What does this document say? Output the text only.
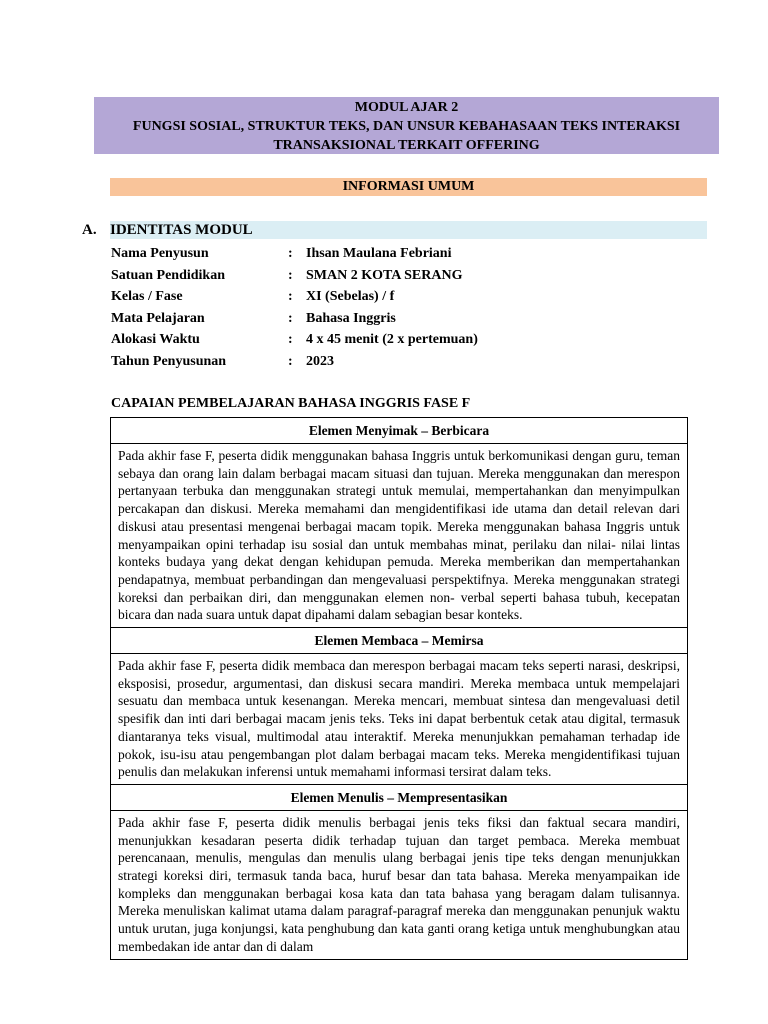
MODUL AJAR 2
FUNGSI SOSIAL, STRUKTUR TEKS, DAN UNSUR KEBAHASAAN TEKS INTERAKSI
TRANSAKSIONAL TERKAIT OFFERING
INFORMASI UMUM
A. IDENTITAS MODUL
Nama Penyusun	: Ihsan Maulana Febriani
Satuan Pendidikan	: SMAN 2 KOTA SERANG
Kelas / Fase	: XI (Sebelas) / f
Mata Pelajaran	: Bahasa Inggris
Alokasi Waktu	: 4 x 45 menit (2 x pertemuan)
Tahun Penyusunan	: 2023
CAPAIAN PEMBELAJARAN BAHASA INGGRIS FASE F
Elemen Menyimak – Berbicara
Pada akhir fase F, peserta didik menggunakan bahasa Inggris untuk berkomunikasi dengan guru, teman sebaya dan orang lain dalam berbagai macam situasi dan tujuan. Mereka menggunakan dan merespon pertanyaan terbuka dan menggunakan strategi untuk memulai, mempertahankan dan menyimpulkan percakapan dan diskusi. Mereka memahami dan mengidentifikasi ide utama dan detail relevan dari diskusi atau presentasi mengenai berbagai macam topik. Mereka menggunakan bahasa Inggris untuk menyampaikan opini terhadap isu sosial dan untuk membahas minat, perilaku dan nilai- nilai lintas konteks budaya yang dekat dengan kehidupan pemuda. Mereka memberikan dan mempertahankan pendapatnya, membuat perbandingan dan mengevaluasi perspektifnya. Mereka menggunakan strategi koreksi dan perbaikan diri, dan menggunakan elemen non- verbal seperti bahasa tubuh, kecepatan bicara dan nada suara untuk dapat dipahami dalam sebagian besar konteks.
Elemen Membaca – Memirsa
Pada akhir fase F, peserta didik membaca dan merespon berbagai macam teks seperti narasi, deskripsi, eksposisi, prosedur, argumentasi, dan diskusi secara mandiri. Mereka membaca untuk mempelajari sesuatu dan membaca untuk kesenangan. Mereka mencari, membuat sintesa dan mengevaluasi detil spesifik dan inti dari berbagai macam jenis teks. Teks ini dapat berbentuk cetak atau digital, termasuk diantaranya teks visual, multimodal atau interaktif. Mereka menunjukkan pemahaman terhadap ide pokok, isu-isu atau pengembangan plot dalam berbagai macam teks. Mereka mengidentifikasi tujuan penulis dan melakukan inferensi untuk memahami informasi tersirat dalam teks.
Elemen Menulis – Mempresentasikan
Pada akhir fase F, peserta didik menulis berbagai jenis teks fiksi dan faktual secara mandiri, menunjukkan kesadaran peserta didik terhadap tujuan dan target pembaca. Mereka membuat perencanaan, menulis, mengulas dan menulis ulang berbagai jenis tipe teks dengan menunjukkan strategi koreksi diri, termasuk tanda baca, huruf besar dan tata bahasa. Mereka menyampaikan ide kompleks dan menggunakan berbagai kosa kata dan tata bahasa yang beragam dalam tulisannya. Mereka menuliskan kalimat utama dalam paragraf-paragraf mereka dan menggunakan penunjuk waktu untuk urutan, juga konjungsi, kata penghubung dan kata ganti orang ketiga untuk menghubungkan atau membedakan ide antar dan di dalam
